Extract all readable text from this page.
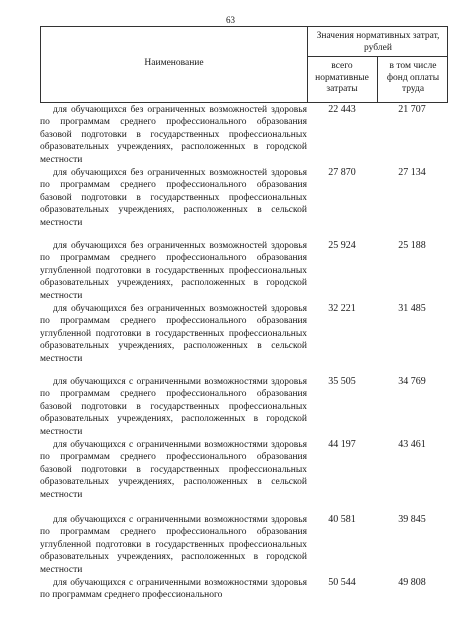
63
Наименование
Значения нормативных затрат, рублей
всего нормативные затраты
в том числе фонд оплаты труда
для обучающихся без ограниченных возможностей здоровья по программам среднего профессионального образования базовой подготовки в государственных профессиональных образовательных учреждениях, расположенных в городской местности
22 443	21 707
для обучающихся без ограниченных возможностей здоровья по программам среднего профессионального образования базовой подготовки в государственных профессиональных образовательных учреждениях, расположенных в сельской местности
27 870	27 134
для обучающихся без ограниченных возможностей здоровья по программам среднего профессионального образования углубленной подготовки в государственных профессиональных образовательных учреждениях, расположенных в городской местности
25 924	25 188
для обучающихся без ограниченных возможностей здоровья по программам среднего профессионального образования углубленной подготовки в государственных профессиональных образовательных учреждениях, расположенных в сельской местности
32 221	31 485
для обучающихся с ограниченными возможностями здоровья по программам среднего профессионального образования базовой подготовки в государственных профессиональных образовательных учреждениях, расположенных в городской местности
35 505	34 769
для обучающихся с ограниченными возможностями здоровья по программам среднего профессионального образования базовой подготовки в государственных профессиональных образовательных учреждениях, расположенных в сельской местности
44 197	43 461
для обучающихся с ограниченными возможностями здоровья по программам среднего профессионального образования углубленной подготовки в государственных профессиональных образовательных учреждениях, расположенных в городской местности
40 581	39 845
для обучающихся с ограниченными возможностями здоровья по программам среднего профессионального
50 544	49 808
